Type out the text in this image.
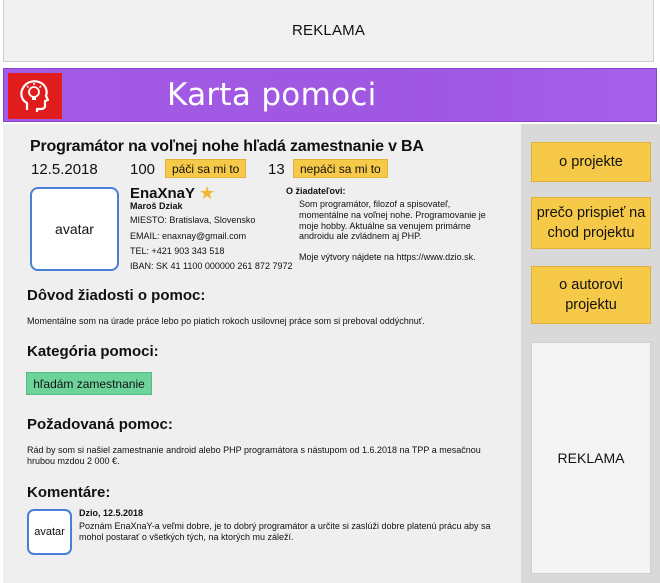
REKLAMA
Karta pomoci
Programátor na voľnej nohe hľadá zamestnanie v BA
12.5.2018 100	páči sa mi to	13	nepáči sa mi to
avatar
EnaXnaY ★
Maroš Dziak
MIESTO: Bratislava, Slovensko
EMAIL: enaxnay@gmail.com
TEL: +421 903 343 518
IBAN: SK 41 1100 000000 261 872 7972
O žiadateľovi:
Som programátor, filozof a spisovateľ, momentálne na voľnej nohe. Programovanie je moje hobby. Aktuálne sa venujem primárne androidu ale zvládnem aj PHP.
Moje výtvory nájdete na https://www.dzio.sk.
Dôvod žiadosti o pomoc:
Momentálne som na úrade práce lebo po piatich rokoch usilovnej práce som si preboval oddýchnuť.
Kategória pomoci:
hľadám zamestnanie
Požadovaná pomoc:
Rád by som si našiel zamestnanie android alebo PHP programátora s nástupom od 1.6.2018 na TPP a mesačnou hrubou mzdou 2 000 €.
Komentáre:
avatar
Dzio, 12.5.2018
Poznám EnaXnaY-a veľmi dobre, je to dobrý programátor a určite si zaslúži dobre platenú prácu aby sa mohol postarať o všetkých tých, na ktorých mu záleží.
o projekte
prečo prispieť na chod projektu
o autorovi projektu
REKLAMA
